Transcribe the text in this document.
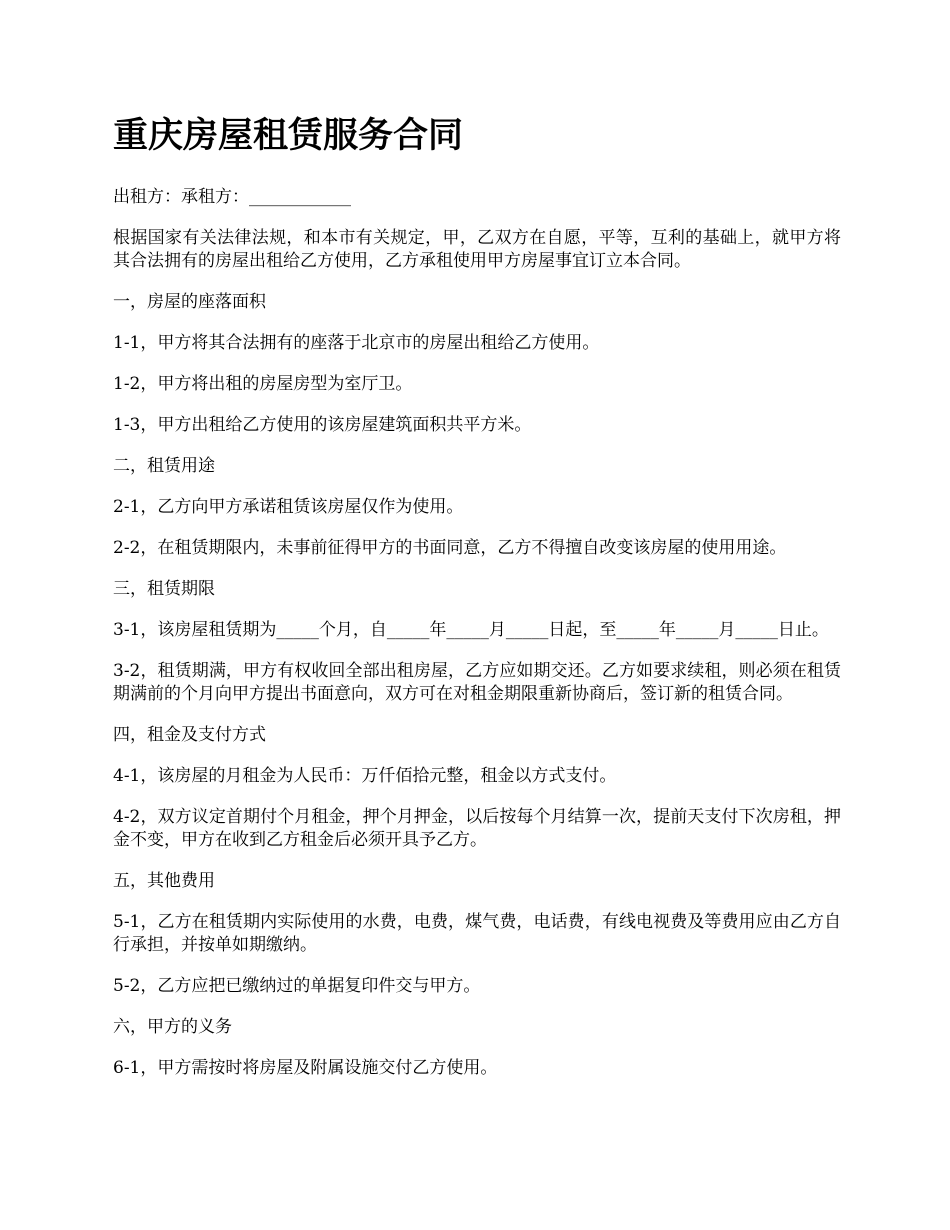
重庆房屋租赁服务合同

出租方：承租方：____________

根据国家有关法律法规，和本市有关规定，甲，乙双方在自愿，平等，互利的基础上，就甲方将其合法拥有的房屋出租给乙方使用，乙方承租使用甲方房屋事宜订立本合同。

一，房屋的座落面积

1-1，甲方将其合法拥有的座落于北京市的房屋出租给乙方使用。

1-2，甲方将出租的房屋房型为室厅卫。

1-3，甲方出租给乙方使用的该房屋建筑面积共平方米。

二，租赁用途

2-1，乙方向甲方承诺租赁该房屋仅作为使用。

2-2，在租赁期限内，未事前征得甲方的书面同意，乙方不得擅自改变该房屋的使用用途。

三，租赁期限

3-1，该房屋租赁期为_____个月，自_____年_____月_____日起，至_____年_____月_____日止。

3-2，租赁期满，甲方有权收回全部出租房屋，乙方应如期交还。乙方如要求续租，则必须在租赁期满前的个月向甲方提出书面意向，双方可在对租金期限重新协商后，签订新的租赁合同。

四，租金及支付方式

4-1，该房屋的月租金为人民币：万仟佰拾元整，租金以方式支付。

4-2，双方议定首期付个月租金，押个月押金，以后按每个月结算一次，提前天支付下次房租，押金不变，甲方在收到乙方租金后必须开具予乙方。

五，其他费用

5-1，乙方在租赁期内实际使用的水费，电费，煤气费，电话费，有线电视费及等费用应由乙方自行承担，并按单如期缴纳。

5-2，乙方应把已缴纳过的单据复印件交与甲方。

六，甲方的义务

6-1，甲方需按时将房屋及附属设施交付乙方使用。
